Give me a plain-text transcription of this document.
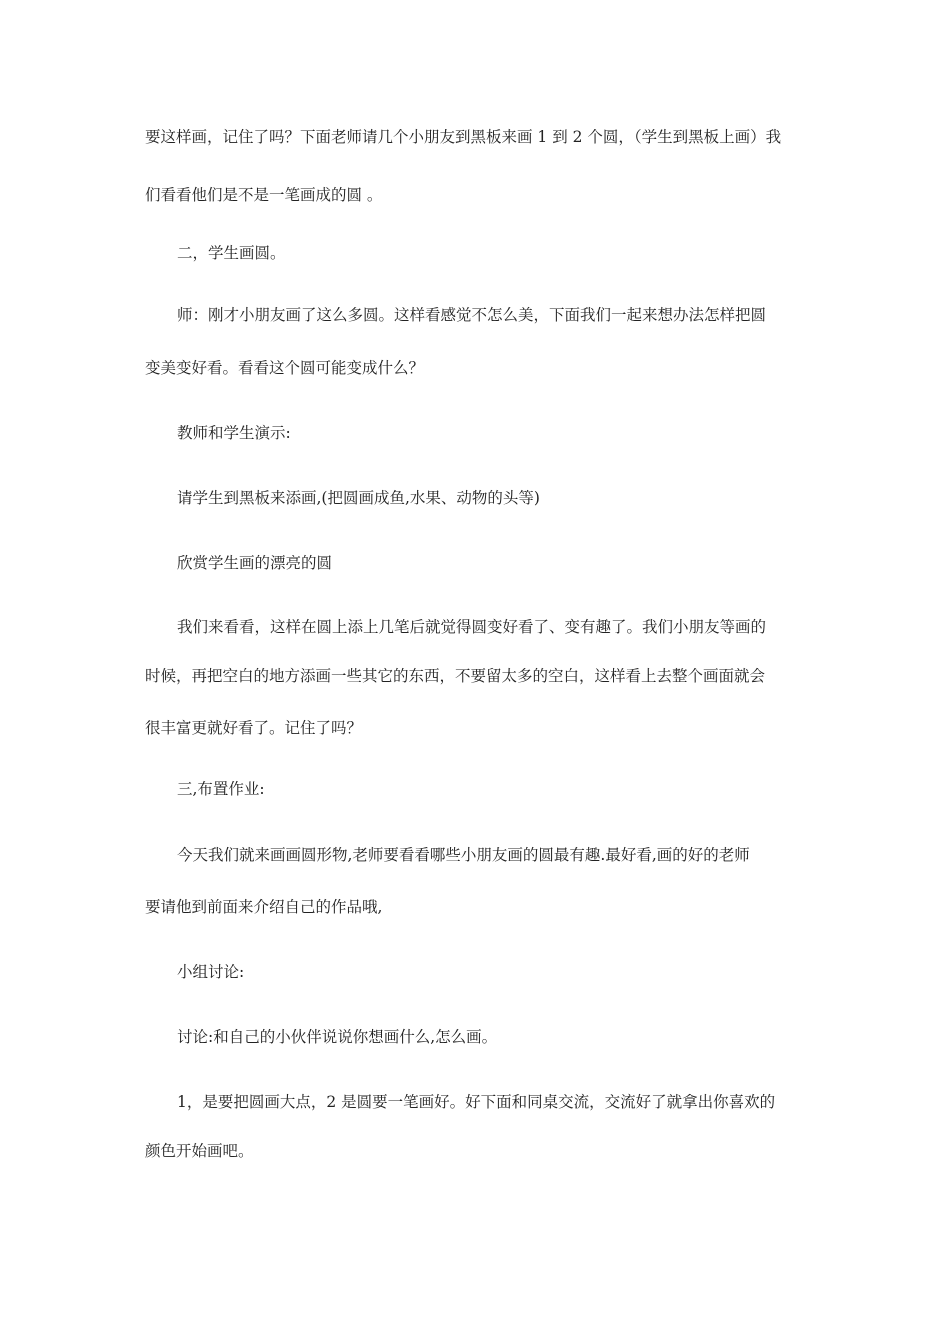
要这样画，记住了吗？下面老师请几个小朋友到黑板来画 1 到 2 个圆，（学生到黑板上画）我
们看看他们是不是一笔画成的圆 。
二，学生画圆。
师：刚才小朋友画了这么多圆。这样看感觉不怎么美，下面我们一起来想办法怎样把圆
变美变好看。看看这个圆可能变成什么？
教师和学生演示:
请学生到黑板来添画,(把圆画成鱼,水果、动物的头等)
欣赏学生画的漂亮的圆
我们来看看，这样在圆上添上几笔后就觉得圆变好看了、变有趣了。我们小朋友等画的
时候，再把空白的地方添画一些其它的东西，不要留太多的空白，这样看上去整个画面就会
很丰富更就好看了。记住了吗？
三,布置作业:
今天我们就来画画圆形物,老师要看看哪些小朋友画的圆最有趣.最好看,画的好的老师
要请他到前面来介绍自己的作品哦,
小组讨论:
讨论:和自己的小伙伴说说你想画什么,怎么画。
1，是要把圆画大点，2 是圆要一笔画好。好下面和同桌交流，交流好了就拿出你喜欢的
颜色开始画吧。
